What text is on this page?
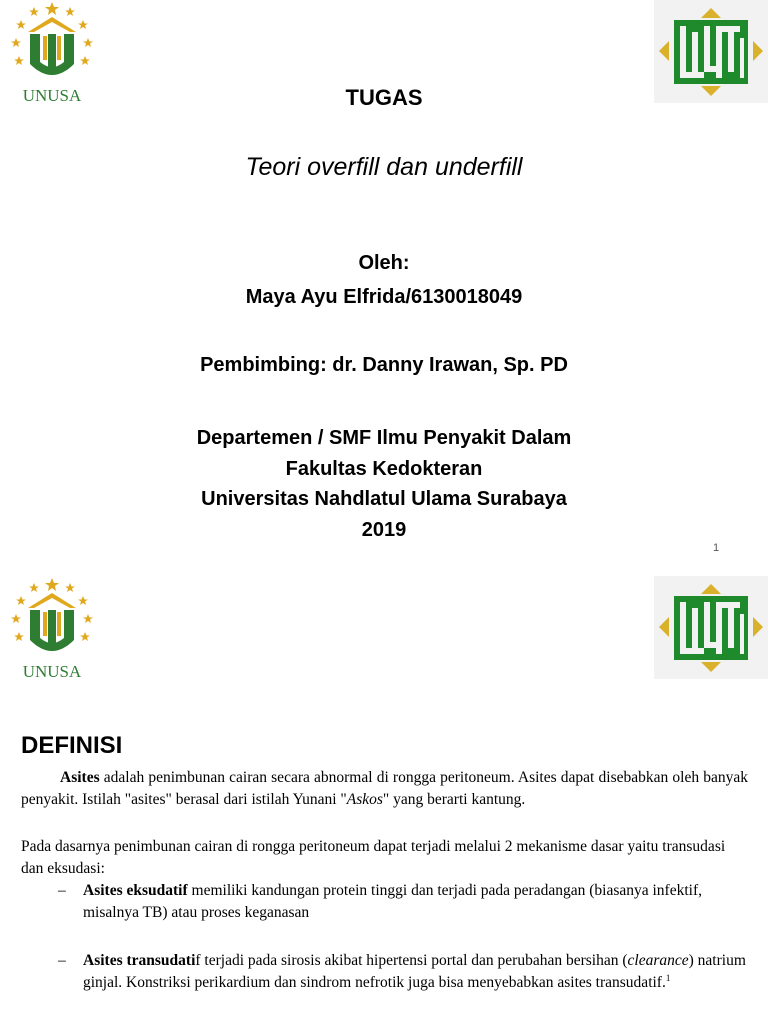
UNUSA	TUGAS
Teori overfill dan underfill
Oleh:
Maya Ayu Elfrida/6130018049
Pembimbing: dr. Danny Irawan, Sp. PD
Departemen / SMF Ilmu Penyakit Dalam
Fakultas Kedokteran
Universitas Nahdlatul Ulama Surabaya
2019
1
UNUSA
DEFINISI
Asites adalah penimbunan cairan secara abnormal di rongga peritoneum. Asites dapat disebabkan oleh banyak penyakit. Istilah "asites" berasal dari istilah Yunani "Askos" yang berarti kantung.
Pada dasarnya penimbunan cairan di rongga peritoneum dapat terjadi melalui 2 mekanisme dasar yaitu transudasi dan eksudasi:
– Asites eksudatif memiliki kandungan protein tinggi dan terjadi pada peradangan (biasanya infektif, misalnya TB) atau proses keganasan
– Asites transudatif terjadi pada sirosis akibat hipertensi portal dan perubahan bersihan (clearance) natrium ginjal. Konstriksi perikardium dan sindrom nefrotik juga bisa menyebabkan asites transudatif.$^1$
